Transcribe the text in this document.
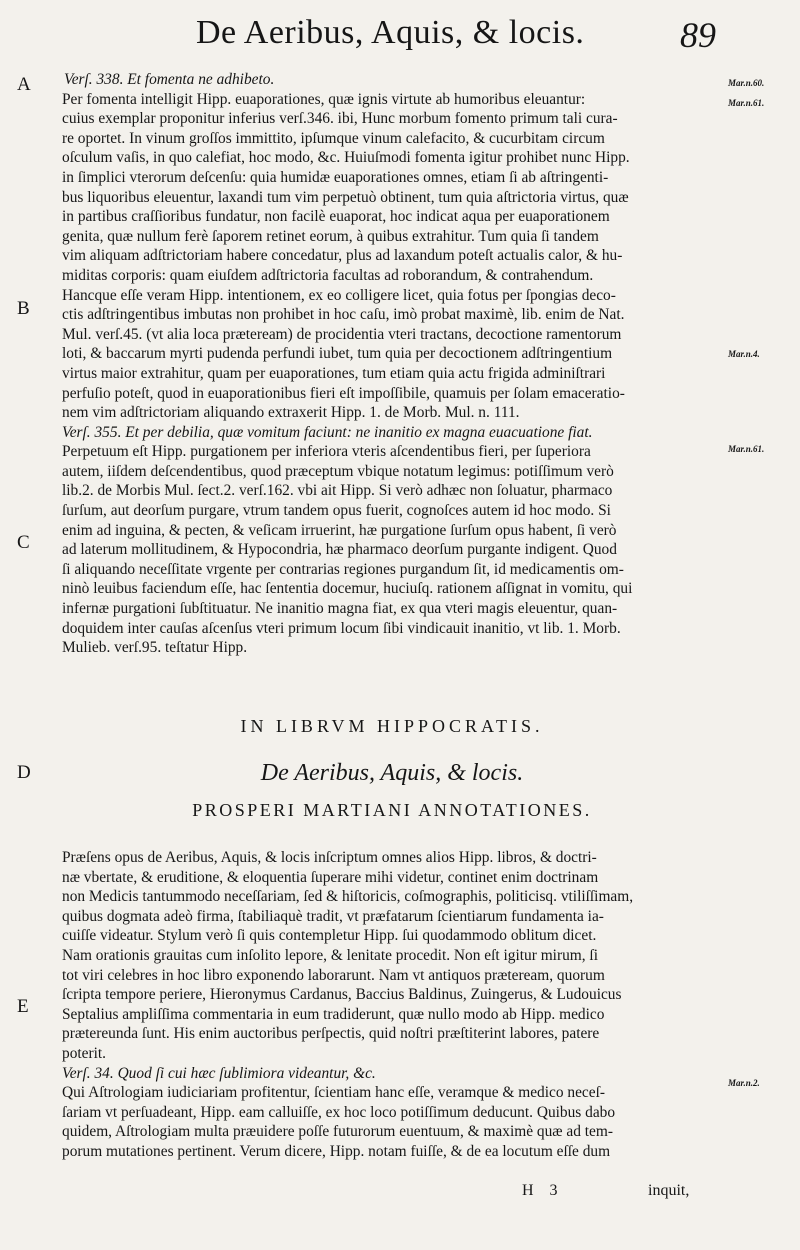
De Aeribus, Aquis, & locis.	89
A
B
C
D
E
Mar.n.60.
Mar.n.61.
Mar.n.4.
Mar.n.61.
Mar.n.2.
Verſ. 338. Et fomenta ne adhibeto.
Per fomenta intelligit Hipp. euaporationes, quæ ignis virtute ab humoribus eleuantur:
cuius exemplar proponitur inferius verſ.346. ibi, Hunc morbum fomento primum tali cura-
re oportet. In vinum groſſos immittito, ipſumque vinum calefacito, & cucurbitam circum
oſculum vaſis, in quo calefiat, hoc modo, &c. Huiuſmodi fomenta igitur prohibet nunc Hipp.
in ſimplici vterorum deſcenſu: quia humidæ euaporationes omnes, etiam ſi ab aſtringenti-
bus liquoribus eleuentur, laxandi tum vim perpetuò obtinent, tum quia aſtrictoria virtus, quæ
in partibus craſſioribus fundatur, non facilè euaporat, hoc indicat aqua per euaporationem
genita, quæ nullum ferè ſaporem retinet eorum, à quibus extrahitur. Tum quia ſi tandem
vim aliquam adſtrictoriam habere concedatur, plus ad laxandum poteſt actualis calor, & hu-
miditas corporis: quam eiuſdem adſtrictoria facultas ad roborandum, & contrahendum.
Hancque eſſe veram Hipp. intentionem, ex eo colligere licet, quia fotus per ſpongias deco-
ctis adſtringentibus imbutas non prohibet in hoc caſu, imò probat maximè, lib. enim de Nat.
Mul. verſ.45. (vt alia loca præteream) de procidentia vteri tractans, decoctione ramentorum
loti, & baccarum myrti pudenda perfundi iubet, tum quia per decoctionem adſtringentium
virtus maior extrahitur, quam per euaporationes, tum etiam quia actu frigida adminiſtrari
perfuſio poteſt, quod in euaporationibus fieri eſt impoſſibile, quamuis per ſolam emaceratio-
nem vim adſtrictoriam aliquando extraxerit Hipp. 1. de Morb. Mul. n. 111.
Verſ. 355. Et per debilia, quæ vomitum faciunt: ne inanitio ex magna euacuatione fiat.
Perpetuum eſt Hipp. purgationem per inferiora vteris aſcendentibus fieri, per ſuperiora
autem, iiſdem deſcendentibus, quod præceptum vbique notatum legimus: potiſſimum verò
lib.2. de Morbis Mul. ſect.2. verſ.162. vbi ait Hipp. Si verò adhæc non ſoluatur, pharmaco
ſurſum, aut deorſum purgare, vtrum tandem opus fuerit, cognoſces autem id hoc modo. Si
enim ad inguina, & pecten, & veſicam irruerint, hæ purgatione ſurſum opus habent, ſi verò
ad laterum mollitudinem, & Hypocondria, hæ pharmaco deorſum purgante indigent. Quod
ſi aliquando neceſſitate vrgente per contrarias regiones purgandum ſit, id medicamentis om-
ninò leuibus faciendum eſſe, hac ſententia docemur, huciuſq. rationem aſſignat in vomitu, qui
infernæ purgationi ſubſtituatur. Ne inanitio magna fiat, ex qua vteri magis eleuentur, quan-
doquidem inter cauſas aſcenſus vteri primum locum ſibi vindicauit inanitio, vt lib. 1. Morb.
Mulieb. verſ.95. teſtatur Hipp.
IN LIBRVM HIPPOCRATIS.
De Aeribus, Aquis, & locis.
PROSPERI MARTIANI ANNOTATIONES.
Præſens opus de Aeribus, Aquis, & locis inſcriptum omnes alios Hipp. libros, & doctri-
næ vbertate, & eruditione, & eloquentia ſuperare mihi videtur, continet enim doctrinam
non Medicis tantummodo neceſſariam, ſed & hiſtoricis, coſmographis, politicisq. vtiliſſimam,
quibus dogmata adeò firma, ſtabiliaquè tradit, vt præfatarum ſcientiarum fundamenta ia-
cuiſſe videatur. Stylum verò ſi quis contempletur Hipp. ſui quodammodo oblitum dicet.
Nam orationis grauitas cum inſolito lepore, & lenitate procedit. Non eſt igitur mirum, ſi
tot viri celebres in hoc libro exponendo laborarunt. Nam vt antiquos prætereаm, quorum
ſcripta tempore periere, Hieronymus Cardanus, Baccius Baldinus, Zuingerus, & Ludouicus
Septalius ampliſſima commentaria in eum tradiderunt, quæ nullo modo ab Hipp. medico
prætereunda ſunt. His enim auctoribus perſpectis, quid noſtri præſtiterint labores, patere
poterit.
Verſ. 34. Quod ſi cui hæc ſublimiora videantur, &c.
Qui Aſtrologiam iudiciariam profitentur, ſcientiam hanc eſſe, veramque & medico neceſ-
ſariam vt perſuadeant, Hipp. eam calluiſſe, ex hoc loco potiſſimum deducunt. Quibus dabo
quidem, Aſtrologiam multa præuidere poſſe futurorum euentuum, & maximè quæ ad tem-
porum mutationes pertinent. Verum dicere, Hipp. notam fuiſſe, & de ea locutum eſſe dum
H 3	inquit,
